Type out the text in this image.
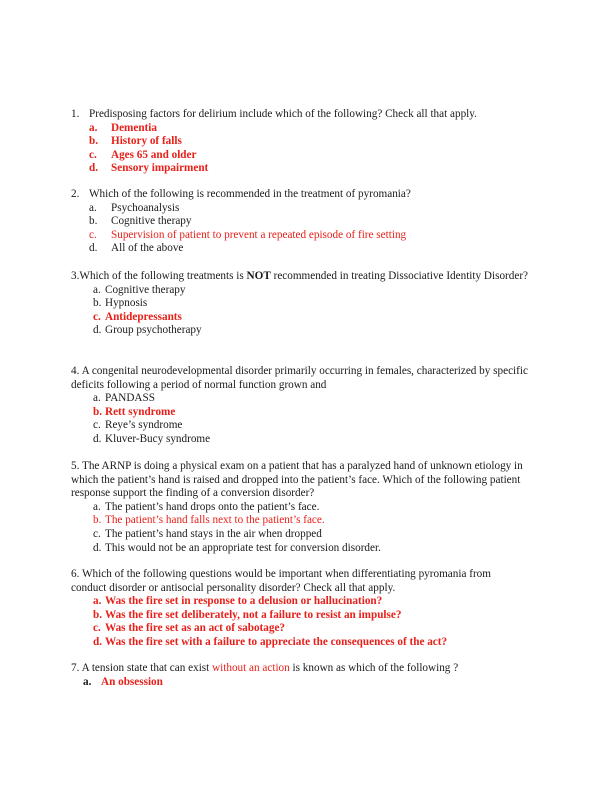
1. Predisposing factors for delirium include which of the following? Check all that apply.

a. Dementia
b. History of falls
c. Ages 65 and older
d. Sensory impairment

2. Which of the following is recommended in the treatment of pyromania?

a. Psychoanalysis
b. Cognitive therapy
c. Supervision of patient to prevent a repeated episode of fire setting
d. All of the above

3.Which of the following treatments is NOT recommended in treating Dissociative Identity Disorder?

a. Cognitive therapy
b. Hypnosis
c. Antidepressants
d. Group psychotherapy

4. A congenital neurodevelopmental disorder primarily occurring in females, characterized by specific deficits following a period of normal function grown and

a. PANDASS
b. Rett syndrome
c. Reye’s syndrome
d. Kluver-Bucy syndrome

5. The ARNP is doing a physical exam on a patient that has a paralyzed hand of unknown etiology in which the patient’s hand is raised and dropped into the patient’s face. Which of the following patient response support the finding of a conversion disorder?

a. The patient’s hand drops onto the patient’s face.
b. The patient’s hand falls next to the patient’s face.
c. The patient’s hand stays in the air when dropped
d. This would not be an appropriate test for conversion disorder.

6. Which of the following questions would be important when differentiating pyromania from conduct disorder or antisocial personality disorder? Check all that apply.

a. Was the fire set in response to a delusion or hallucination?
b. Was the fire set deliberately, not a failure to resist an impulse?
c. Was the fire set as an act of sabotage?
d. Was the fire set with a failure to appreciate the consequences of the act?

7. A tension state that can exist without an action is known as which of the following ?

a. An obsession
